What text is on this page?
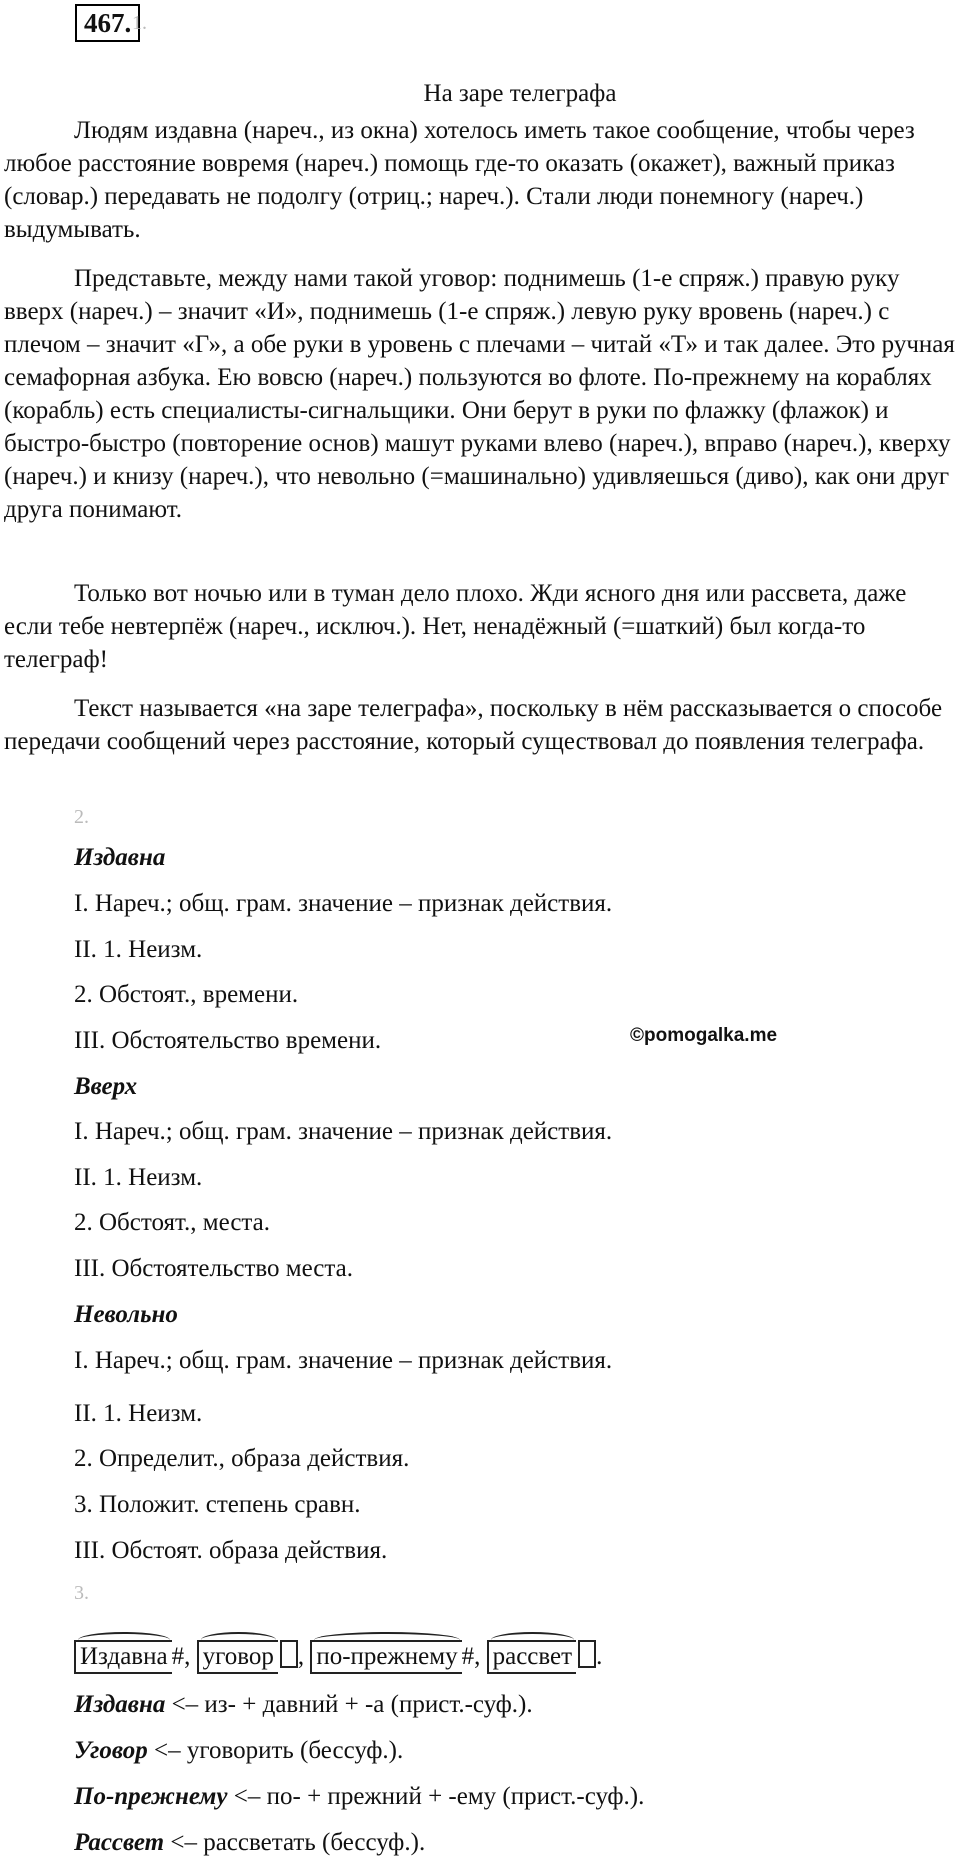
467. 1.
На заре телеграфа
Людям издавна (нареч., из окна) хотелось иметь такое сообщение, чтобы через любое расстояние вовремя (нареч.) помощь где-то оказать (окажет), важный приказ (словар.) передавать не подолгу (отриц.; нареч.). Стали люди понемногу (нареч.) выдумывать.
Представьте, между нами такой уговор: поднимешь (1-е спряж.) правую руку вверх (нареч.) – значит «И», поднимешь (1-е спряж.) левую руку вровень (нареч.) с плечом – значит «Г», а обе руки в уровень с плечами – читай «Т» и так далее. Это ручная семафорная азбука. Ею вовсю (нареч.) пользуются во флоте. По-прежнему на кораблях (корабль) есть специалисты-сигнальщики. Они берут в руки по флажку (флажок) и быстро-быстро (повторение основ) машут руками влево (нареч.), вправо (нареч.), кверху (нареч.) и книзу (нареч.), что невольно (=машинально) удивляешься (диво), как они друг друга понимают.
Только вот ночью или в туман дело плохо. Жди ясного дня или рассвета, даже если тебе невтерпёж (нареч., исключ.). Нет, ненадёжный (=шаткий) был когда-то телеграф!
Текст называется «на заре телеграфа», поскольку в нём рассказывается о способе передачи сообщений через расстояние, который существовал до появления телеграфа.
2.
Издавна
I. Нареч.; общ. грам. значение – признак действия.
II. 1. Неизм.
2. Обстоят., времени.
III. Обстоятельство времени.	©pomogalka.me
Вверх
I. Нареч.; общ. грам. значение – признак действия.
II. 1. Неизм.
2. Обстоят., места.
III. Обстоятельство места.
Невольно
I. Нареч.; общ. грам. значение – признак действия.
II. 1. Неизм.
2. Определит., образа действия.
3. Положит. степень сравн.
III. Обстоят. образа действия.
3.
Издавна #, уговор , по-прежнему #, рассвет .
Издавна <– из- + давний + -а (прист.-суф.).
Уговор <– уговорить (бессуф.).
По-прежнему <– по- + прежний + -ему (прист.-суф.).
Рассвет <– рассветать (бессуф.).
